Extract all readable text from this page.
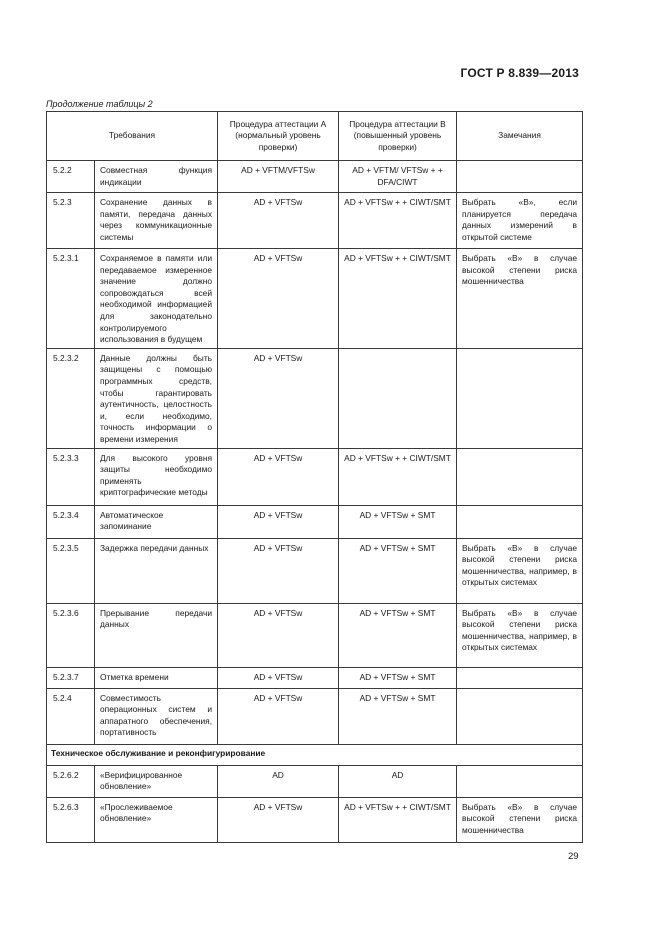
ГОСТ Р 8.839—2013
Продолжение таблицы 2
Требования		Процедура аттестации A
(нормальный уровень
проверки)	Процедура аттестации B
(повышенный уровень
проверки)	Замечания
5.2.2	Совместная функция индикации	AD + VFTM/VFTSw	AD + VFTM/ VFTSw + + DFA/CIWT	
5.2.3	Сохранение данных в памяти, передача данных через коммуникационные системы	AD + VFTSw	AD + VFTSw + + CIWT/SMT	Выбрать «B», если планируется передача данных измерений в открытой системе
5.2.3.1	Сохраняемое в памяти или передаваемое измеренное значение должно сопровождаться всей необходимой информацией для законодательно контролируемого использования в будущем	AD + VFTSw	AD + VFTSw + + CIWT/SMT	Выбрать «B» в случае высокой степени риска мошенничества
5.2.3.2	Данные должны быть защищены с помощью программных средств, чтобы гарантировать аутентичность, целостность и, если необходимо, точность информации о времени измерения	AD + VFTSw		
5.2.3.3	Для высокого уровня защиты необходимо применять криптографические методы	AD + VFTSw	AD + VFTSw + + CIWT/SMT	
5.2.3.4	Автоматическое запоминание	AD + VFTSw	AD + VFTSw + SMT	
5.2.3.5	Задержка передачи данных	AD + VFTSw	AD + VFTSw + SMT	Выбрать «B» в случае высокой степени риска мошенничества, например, в открытых системах
5.2.3.6	Прерывание передачи данных	AD + VFTSw	AD + VFTSw + SMT	Выбрать «B» в случае высокой степени риска мошенничества, например, в открытых системах
5.2.3.7	Отметка времени	AD + VFTSw	AD + VFTSw + SMT	
5.2.4	Совместимость операционных систем и аппаратного обеспечения, портативность	AD + VFTSw	AD + VFTSw + SMT	
Техническое обслуживание и реконфигурирование				
5.2.6.2	«Верифицированное обновление»	AD	AD	
5.2.6.3	«Прослеживаемое обновление»	AD + VFTSw	AD + VFTSw + + CIWT/SMT	Выбрать «B» в случае высокой степени риска мошенничества
29
